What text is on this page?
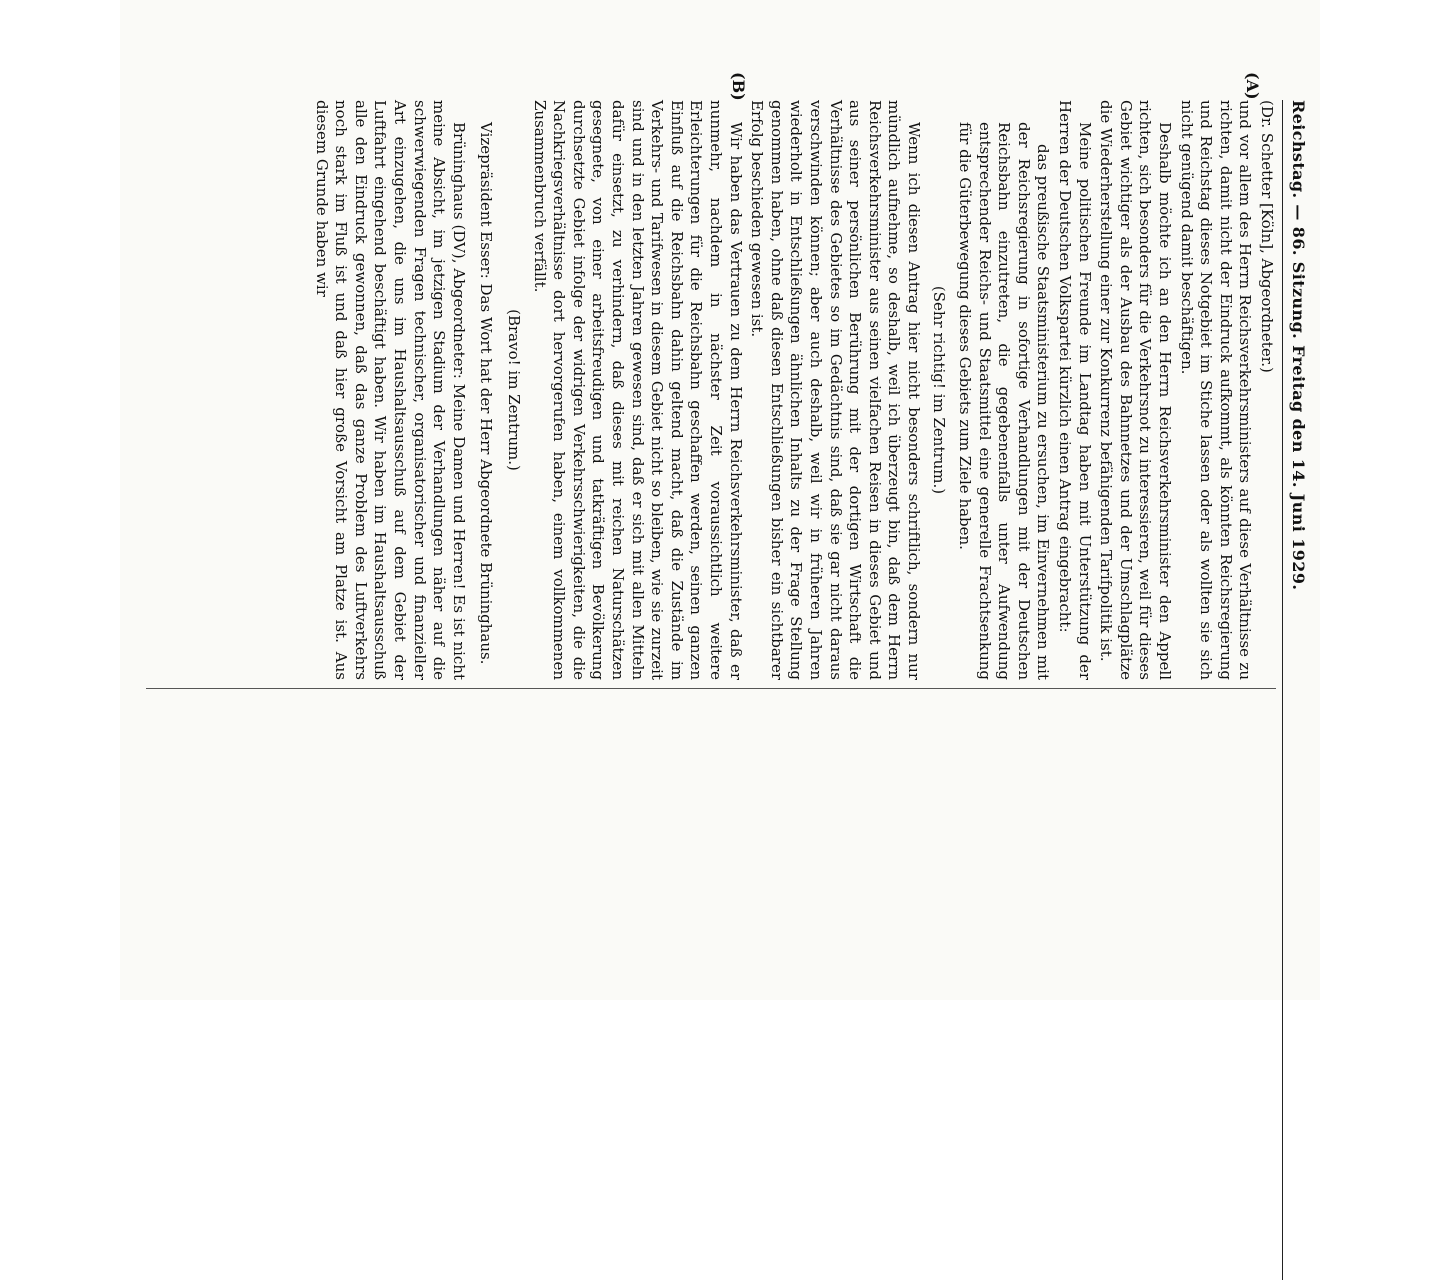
Reichstag. — 86. Sitzung. Freitag den 14. Juni 1929.
(A)
(B)

(Dr. Schetter [Köln], Abgeordneter.)

und vor allem des Herrn Reichsverkehrsministers auf diese Verhältnisse zu richten, damit nicht der Eindruck aufkommt, als könnten Reichsregierung und Reichstag dieses Notgebiet im Stiche lassen oder als wollten sie sich nicht genügend damit beschäftigen.

Deshalb möchte ich an den Herrn Reichsverkehrsminister den Appell richten, sich besonders für die Verkehrsnot zu interessieren, weil für dieses Gebiet wichtiger als der Ausbau des Bahnnetzes und der Umschlagplätze die Wiederherstellung einer zur Konkurrenz befähigenden Tarifpolitik ist.

Meine politischen Freunde im Landtag haben mit Unterstützung der Herren der Deutschen Volkspartei kürzlich einen Antrag eingebracht:

das preußische Staatsministerium zu ersuchen, im Einvernehmen mit der Reichsregierung in sofortige Verhandlungen mit der Deutschen Reichsbahn einzutreten, die gegebenenfalls unter Aufwendung entsprechender Reichs- und Staatsmittel eine generelle Frachtsenkung für die Güterbewegung dieses Gebiets zum Ziele haben.

(Sehr richtig! im Zentrum.)

Wenn ich diesen Antrag hier nicht besonders schriftlich, sondern nur mündlich aufnehme, so deshalb, weil ich überzeugt bin, daß dem Herrn Reichsverkehrsminister aus seinen vielfachen Reisen in dieses Gebiet und aus seiner persönlichen Berührung mit der dortigen Wirtschaft die Verhältnisse des Gebietes so im Gedächtnis sind, daß sie gar nicht daraus verschwinden können; aber auch deshalb, weil wir in früheren Jahren wiederholt in Entschließungen ähnlichen Inhalts zu der Frage Stellung genommen haben, ohne daß diesen Entschließungen bisher ein sichtbarer Erfolg beschieden gewesen ist.

Wir haben das Vertrauen zu dem Herrn Reichsverkehrsminister, daß er nunmehr, nachdem in nächster Zeit voraussichtlich weitere Erleichterungen für die Reichsbahn geschaffen werden, seinen ganzen Einfluß auf die Reichsbahn dahin geltend macht, daß die Zustände im Verkehrs- und Tarifwesen in diesem Gebiet nicht so bleiben, wie sie zurzeit sind und in den letzten Jahren gewesen sind, daß er sich mit allen Mitteln dafür einsetzt, zu verhindern, daß dieses mit reichen Naturschätzen gesegnete, von einer arbeitsfreudigen und tatkräftigen Bevölkerung durchsetzte Gebiet infolge der widrigen Verkehrsschwierigkeiten, die die Nachkriegsverhältnisse dort hervorgerufen haben, einem vollkommenen Zusammenbruch verfällt.

(Bravo! im Zentrum.)

Vizepräsident Esser: Das Wort hat der Herr Abgeordnete Brüninghaus.

Brüninghaus (DV), Abgeordneter: Meine Damen und Herren! Es ist nicht meine Absicht, im jetzigen Stadium der Verhandlungen näher auf die schwerwiegenden Fragen technischer, organisatorischer und finanzieller Art einzugehen, die uns im Haushaltsausschuß auf dem Gebiet der Luftfahrt eingehend beschäftigt haben. Wir haben im Haushaltsausschuß alle den Eindruck gewonnen, daß das ganze Problem des Luftverkehrs noch stark im Fluß ist und daß hier große Vorsicht am Platze ist. Aus diesem Grunde haben wir
